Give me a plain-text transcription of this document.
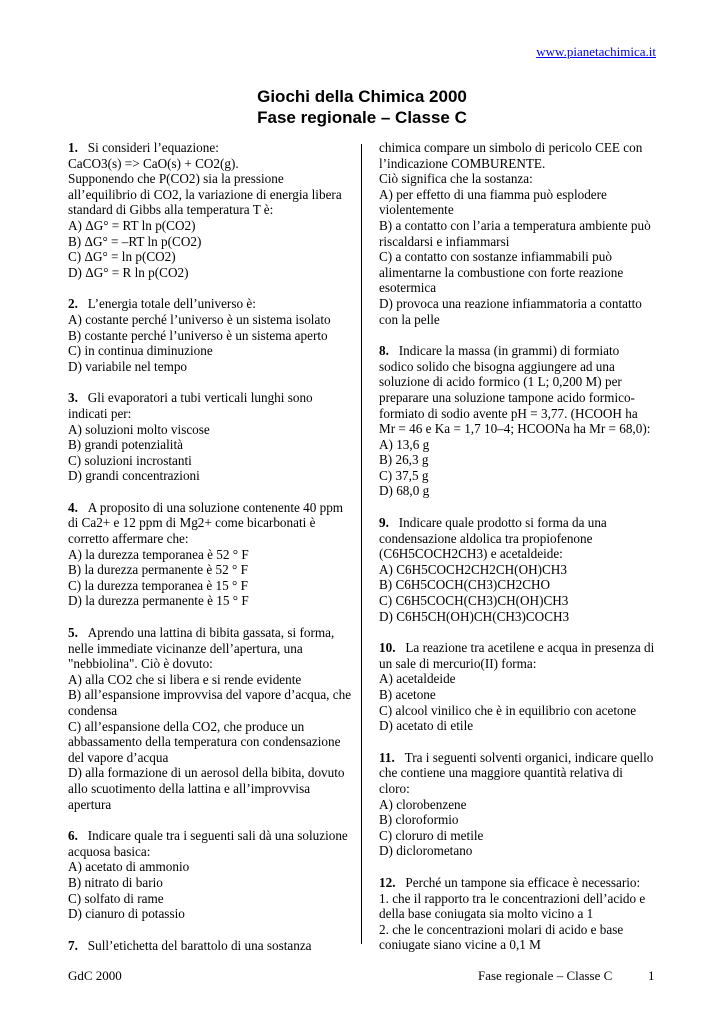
www.pianetachimica.it
Giochi della Chimica 2000
Fase regionale – Classe C

1. Si consideri l’equazione:

CaCO3(s) => CaO(s) + CO2(g).

Supponendo che P(CO2) sia la pressione all’equilibrio di CO2, la variazione di energia libera standard di Gibbs alla temperatura T è:

A) ΔG° = RT ln p(CO2)

B) ΔG° = –RT ln p(CO2)

C) ΔG° = ln p(CO2)

D) ΔG° = R ln p(CO2)

2. L’energia totale dell’universo è:

A) costante perché l’universo è un sistema isolato

B) costante perché l’universo è un sistema aperto

C) in continua diminuzione

D) variabile nel tempo

3. Gli evaporatori a tubi verticali lunghi sono indicati per:

A) soluzioni molto viscose

B) grandi potenzialità

C) soluzioni incrostanti

D) grandi concentrazioni

4. A proposito di una soluzione contenente 40 ppm di Ca2+ e 12 ppm di Mg2+ come bicarbonati è corretto affermare che:

A) la durezza temporanea è 52 ° F

B) la durezza permanente è 52 ° F

C) la durezza temporanea è 15 ° F

D) la durezza permanente è 15 ° F

5. Aprendo una lattina di bibita gassata, si forma, nelle immediate vicinanze dell’apertura, una "nebbiolina". Ciò è dovuto:

A) alla CO2 che si libera e si rende evidente

B) all’espansione improvvisa del vapore d’acqua, che condensa

C) all’espansione della CO2, che produce un abbassamento della temperatura con condensazione del vapore d’acqua

D) alla formazione di un aerosol della bibita, dovuto allo scuotimento della lattina e all’improvvisa apertura

6. Indicare quale tra i seguenti sali dà una soluzione acquosa basica:

A) acetato di ammonio

B) nitrato di bario

C) solfato di rame

D) cianuro di potassio

7. Sull’etichetta del barattolo di una sostanza

chimica compare un simbolo di pericolo CEE con l’indicazione COMBURENTE.

Ciò significa che la sostanza:

A) per effetto di una fiamma può esplodere violentemente

B) a contatto con l’aria a temperatura ambiente può riscaldarsi e infiammarsi

C) a contatto con sostanze infiammabili può alimentarne la combustione con forte reazione esotermica

D) provoca una reazione infiammatoria a contatto con la pelle

8. Indicare la massa (in grammi) di formiato sodico solido che bisogna aggiungere ad una soluzione di acido formico (1 L; 0,200 M) per preparare una soluzione tampone acido formico-formiato di sodio avente pH = 3,77. (HCOOH ha Mr = 46 e Ka = 1,7 10–4; HCOONa ha Mr = 68,0):

A) 13,6 g

B) 26,3 g

C) 37,5 g

D) 68,0 g

9. Indicare quale prodotto si forma da una condensazione aldolica tra propiofenone (C6H5COCH2CH3) e acetaldeide:

A) C6H5COCH2CH2CH(OH)CH3

B) C6H5COCH(CH3)CH2CHO

C) C6H5COCH(CH3)CH(OH)CH3

D) C6H5CH(OH)CH(CH3)COCH3

10. La reazione tra acetilene e acqua in presenza di un sale di mercurio(II) forma:

A) acetaldeide

B) acetone

C) alcool vinilico che è in equilibrio con acetone

D) acetato di etile

11. Tra i seguenti solventi organici, indicare quello che contiene una maggiore quantità relativa di cloro:

A) clorobenzene

B) cloroformio

C) cloruro di metile

D) diclorometano

12. Perché un tampone sia efficace è necessario:

1. che il rapporto tra le concentrazioni dell’acido e della base coniugata sia molto vicino a 1

2. che le concentrazioni molari di acido e base coniugate siano vicine a 0,1 M

GdC 2000	Fase regionale – Classe C	1
